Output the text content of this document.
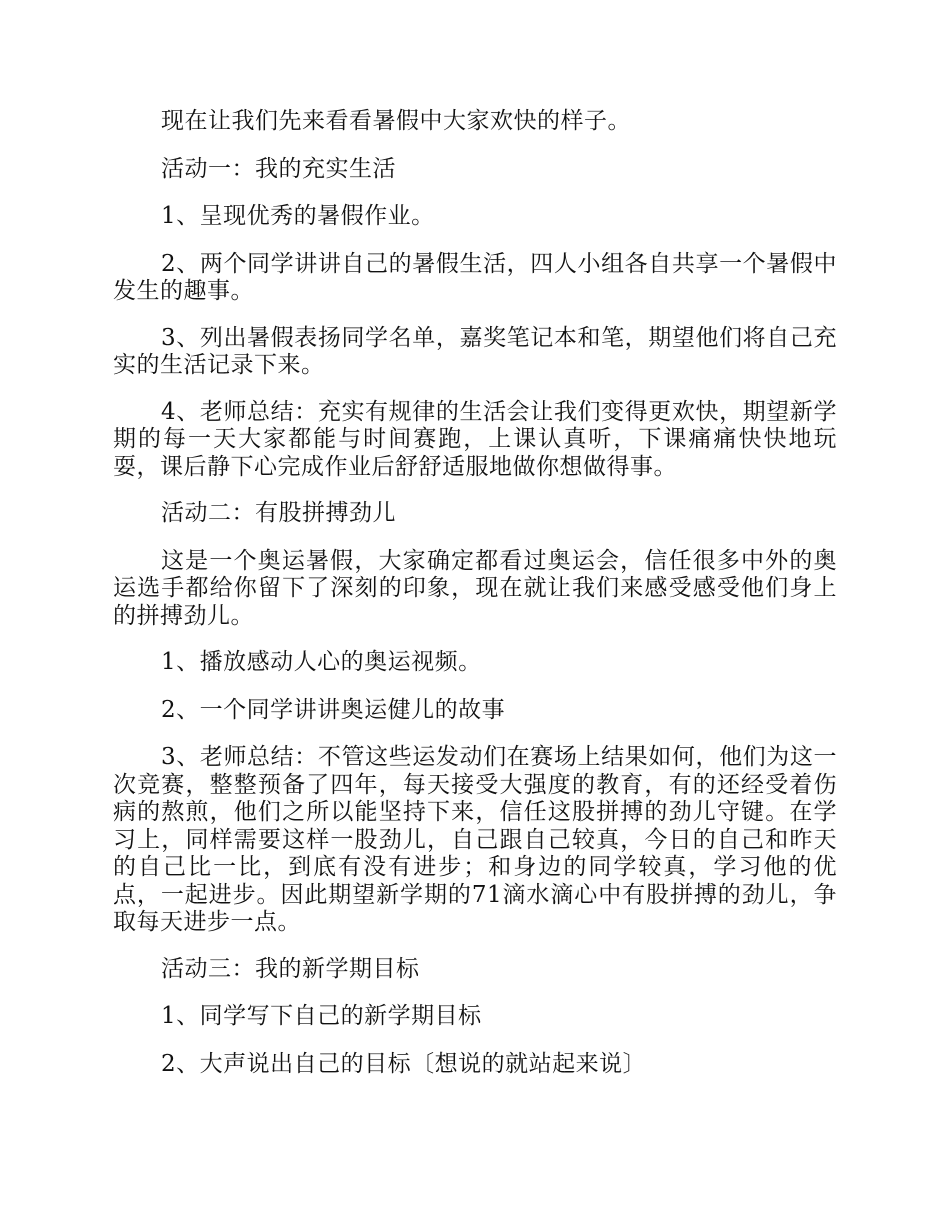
现在让我们先来看看暑假中大家欢快的样子。

活动一：我的充实生活

1、呈现优秀的暑假作业。

2、两个同学讲讲自己的暑假生活，四人小组各自共享一个暑假中发生的趣事。

3、列出暑假表扬同学名单，嘉奖笔记本和笔，期望他们将自己充实的生活记录下来。

4、老师总结：充实有规律的生活会让我们变得更欢快，期望新学期的每一天大家都能与时间赛跑，上课认真听，下课痛痛快快地玩耍，课后静下心完成作业后舒舒适服地做你想做得事。

活动二：有股拼搏劲儿

这是一个奥运暑假，大家确定都看过奥运会，信任很多中外的奥运选手都给你留下了深刻的印象，现在就让我们来感受感受他们身上的拼搏劲儿。

1、播放感动人心的奥运视频。

2、一个同学讲讲奥运健儿的故事

3、老师总结：不管这些运发动们在赛场上结果如何，他们为这一次竞赛，整整预备了四年，每天接受大强度的教育，有的还经受着伤病的熬煎，他们之所以能坚持下来，信任这股拼搏的劲儿守键。在学习上，同样需要这样一股劲儿，自己跟自己较真，今日的自己和昨天的自己比一比，到底有没有进步；和身边的同学较真，学习他的优点，一起进步。因此期望新学期的71滴水滴心中有股拼搏的劲儿，争取每天进步一点。

活动三：我的新学期目标

1、同学写下自己的新学期目标

2、大声说出自己的目标〔想说的就站起来说〕
